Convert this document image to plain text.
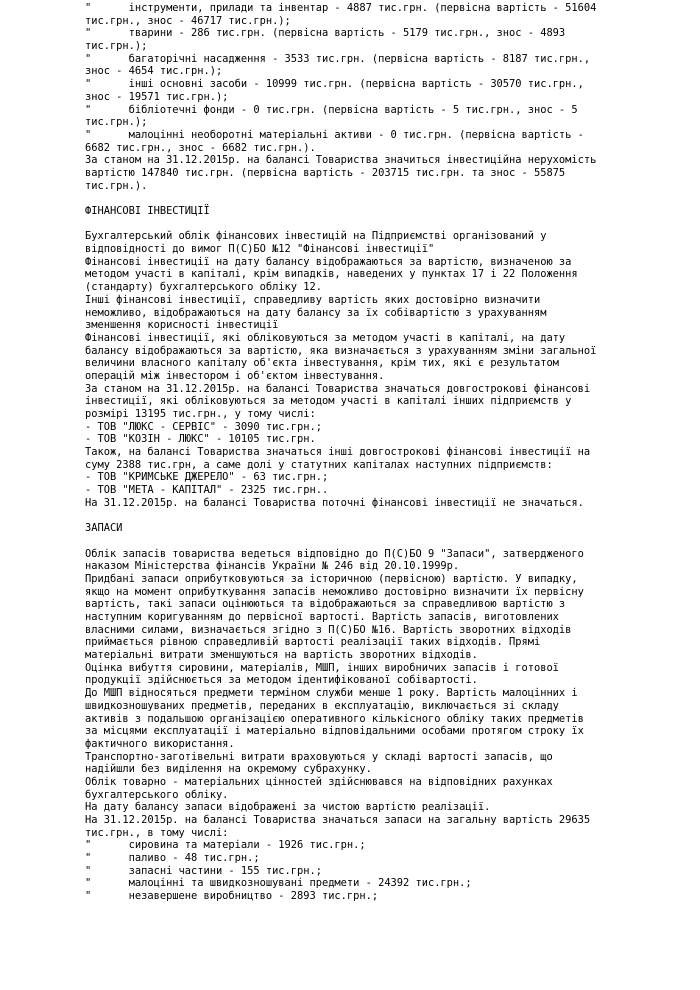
"      інструменти, прилади та інвентар - 4887 тис.грн. (первісна вартість - 51604
тис.грн., знос - 46717 тис.грн.);
"      тварини - 286 тис.грн. (первісна вартість - 5179 тис.грн., знос - 4893
тис.грн.);
"      багаторічні насадження - 3533 тис.грн. (первісна вартість - 8187 тис.грн.,
знос - 4654 тис.грн.);
"      інші основні засоби - 10999 тис.грн. (первісна вартість - 30570 тис.грн.,
знос - 19571 тис.грн.);
"      бібліотечні фонди - 0 тис.грн. (первісна вартість - 5 тис.грн., знос - 5
тис.грн.);
"      малоцінні необоротні матеріальні активи - 0 тис.грн. (первісна вартість -
6682 тис.грн., знос - 6682 тис.грн.).
За станом на 31.12.2015р. на балансі Товариства значиться інвестиційна нерухомість
вартістю 147840 тис.грн. (первісна вартість - 203715 тис.грн. та знос - 55875
тис.грн.).
ФІНАНСОВІ ІНВЕСТИЦІЇ
Бухгалтерський облік фінансових інвестицій на Підприємстві організований у
відповідності до вимог П(С)БО №12 "Фінансові інвестиції"
Фінансові інвестиції на дату балансу відображаються за вартістю, визначеною за
методом участі в капіталі, крім випадків, наведених у пунктах 17 і 22 Положення
(стандарту) бухгалтерського обліку 12.
Інші фінансові інвестиції, справедливу вартість яких достовірно визначити
неможливо, відображаються на дату балансу за їх собівартістю з урахуванням
зменшення корисності інвестиції
Фінансові інвестиції, які обліковуються за методом участі в капіталі, на дату
балансу відображаються за вартістю, яка визначається з урахуванням зміни загальної
величини власного капіталу об'єкта інвестування, крім тих, які є результатом
операцій між інвестором і об'єктом інвестування.
За станом на 31.12.2015р. на балансі Товариства значаться довгострокові фінансові
інвестиції, які обліковуються за методом участі в капіталі інших підприємств у
розмірі 13195 тис.грн., у тому числі:
- ТОВ "ЛЮКС - СЕРВІС" - 3090 тис.грн.;
- ТОВ "КОЗІН - ЛЮКС" - 10105 тис.грн.
Також, на балансі Товариства значаться інші довгострокові фінансові інвестиції на
суму 2388 тис.грн, а саме долі у статутних капіталах наступних підприємств:
- ТОВ "КРИМСЬКЕ ДЖЕРЕЛО" - 63 тис.грн.;
- ТОВ "МЕТА - КАПІТАЛ" - 2325 тис.грн..
На 31.12.2015р. на балансі Товариства поточні фінансові інвестиції не значаться.
ЗАПАСИ
Облік запасів товариства ведеться відповідно до П(С)БО 9 "Запаси", затвердженого
наказом Міністерства фінансів України № 246 від 20.10.1999р.
Придбані запаси оприбутковуються за історичною (первісною) вартістю. У випадку,
якщо на момент оприбуткування запасів неможливо достовірно визначити їх первісну
вартість, такі запаси оцінюються та відображаються за справедливою вартістю з
наступним коригуванням до первісної вартості. Вартість запасів, виготовлених
власними силами, визначається згідно з П(С)БО №16. Вартість зворотних відходів
приймається рівною справедливій вартості реалізації таких відходів. Прямі
матеріальні витрати зменшуються на вартість зворотних відходів.
Оцінка вибуття сировини, матеріалів, МШП, інших виробничих запасів і готової
продукції здійснюється за методом ідентифікованої собівартості.
До МШП відносяться предмети терміном служби менше 1 року. Вартість малоцінних і
швидкозношуваних предметів, переданих в експлуатацію, виключається зі складу
активів з подальшою організацією оперативного кількісного обліку таких предметів
за місцями експлуатації і матеріально відповідальними особами протягом строку їх
фактичного використання.
Транспортно-заготівельні витрати враховуються у складі вартості запасів, що
надійшли без виділення на окремому субрахунку.
Облік товарно - матеріальних цінностей здійснювався на відповідних рахунках
бухгалтерського обліку.
На дату балансу запаси відображені за чистою вартістю реалізації.
На 31.12.2015р. на балансі Товариства значаться запаси на загальну вартість 29635
тис.грн., в тому числі:
"      сировина та матеріали - 1926 тис.грн.;
"      паливо - 48 тис.грн.;
"      запасні частини - 155 тис.грн.;
"      малоцінні та швидкозношувані предмети - 24392 тис.грн.;
"      незавершене виробництво - 2893 тис.грн.;
